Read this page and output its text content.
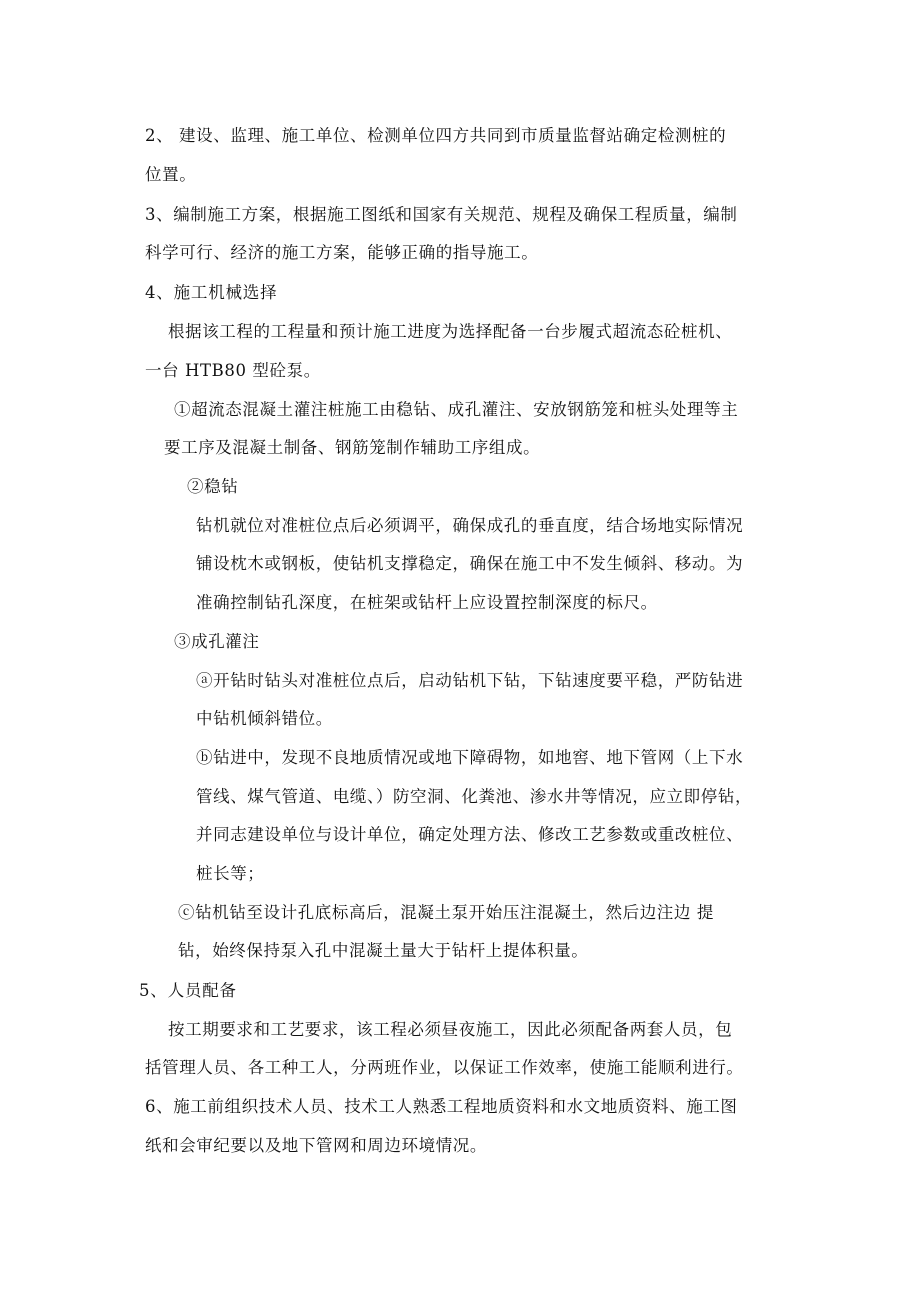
2、 建设、监理、施工单位、检测单位四方共同到市质量监督站确定检测桩的
位置。
3、编制施工方案，根据施工图纸和国家有关规范、规程及确保工程质量，编制
科学可行、经济的施工方案，能够正确的指导施工。
4、施工机械选择
根据该工程的工程量和预计施工进度为选择配备一台步履式超流态砼桩机、
一台 HTB80 型砼泵。
①超流态混凝土灌注桩施工由稳钻、成孔灌注、安放钢筋笼和桩头处理等主
要工序及混凝土制备、钢筋笼制作辅助工序组成。
②稳钻
钻机就位对准桩位点后必须调平，确保成孔的垂直度，结合场地实际情况
铺设枕木或钢板，使钻机支撑稳定，确保在施工中不发生倾斜、移动。为
准确控制钻孔深度，在桩架或钻杆上应设置控制深度的标尺。
③成孔灌注
ⓐ开钻时钻头对准桩位点后，启动钻机下钻，下钻速度要平稳，严防钻进
中钻机倾斜错位。
ⓑ钻进中，发现不良地质情况或地下障碍物，如地窖、地下管网（上下水
管线、煤气管道、电缆、）防空洞、化粪池、渗水井等情况，应立即停钻，
并同志建设单位与设计单位，确定处理方法、修改工艺参数或重改桩位、
桩长等；
ⓒ钻机钻至设计孔底标高后，混凝土泵开始压注混凝土，然后边注边 提
钻，始终保持泵入孔中混凝土量大于钻杆上提体积量。
5、人员配备
按工期要求和工艺要求，该工程必须昼夜施工，因此必须配备两套人员，包
括管理人员、各工种工人，分两班作业，以保证工作效率，使施工能顺利进行。
6、施工前组织技术人员、技术工人熟悉工程地质资料和水文地质资料、施工图
纸和会审纪要以及地下管网和周边环境情况。
